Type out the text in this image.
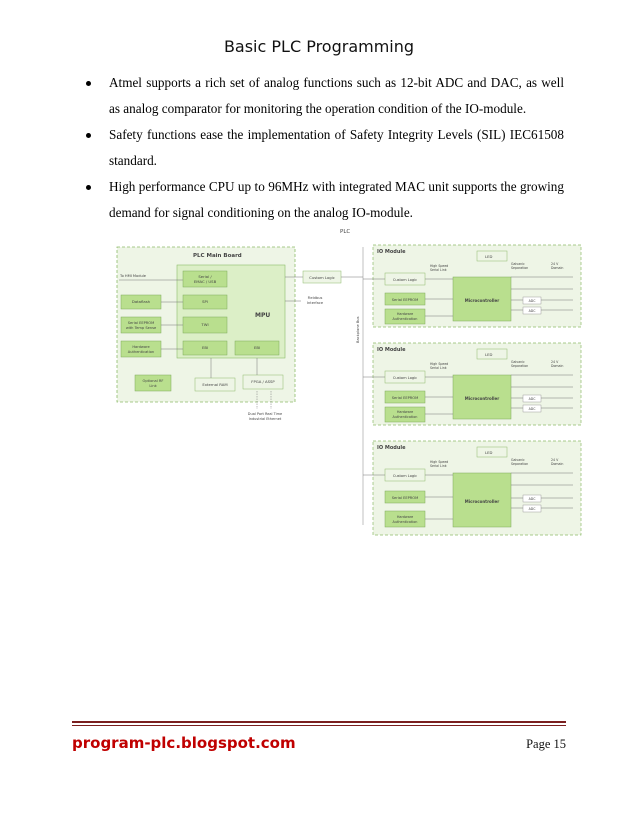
Basic PLC Programming
Atmel supports a rich set of analog functions such as 12-bit ADC and DAC, as well as analog comparator for monitoring the operation condition of the IO-module.
Safety functions ease the implementation of Safety Integrity Levels (SIL) IEC61508 standard.
High performance CPU up to 96MHz with integrated MAC unit supports the growing demand for signal conditioning on the analog IO-module.
PLC
PLC Main Board
MPU
To HMI Module	Serial /
EMAC / USB
Dataflash
Serial EEPROM
with Temp Sense
Hardware
Authentication
SPI
TWI
EBI	EBI
Custom Logic
Fieldbus
Interface
Optional RF
Link	External RAM
FPGA / ASSP
Dual Port Real Time
Industrial Ethernet
Backplane Bus
IO Module
LED
High Speed
Serial Link
Galvanic
Separation
24 V
Domain
Custom Logic
Serial EEPROM
Hardware
Authentication
Microcontroller	ADC
ADC
IO Module
LED
High Speed
Serial Link
Galvanic
Separation
24 V
Domain
Custom Logic
Serial EEPROM
Hardware
Authentication
Microcontroller	ADC
ADC
IO Module
LED
High Speed
Serial Link
Galvanic
Separation
24 V
Domain
Custom Logic
Serial EEPROM
Hardware
Authentication
Microcontroller	ADC
ADC
program-plc.blogspot.com	Page 15
